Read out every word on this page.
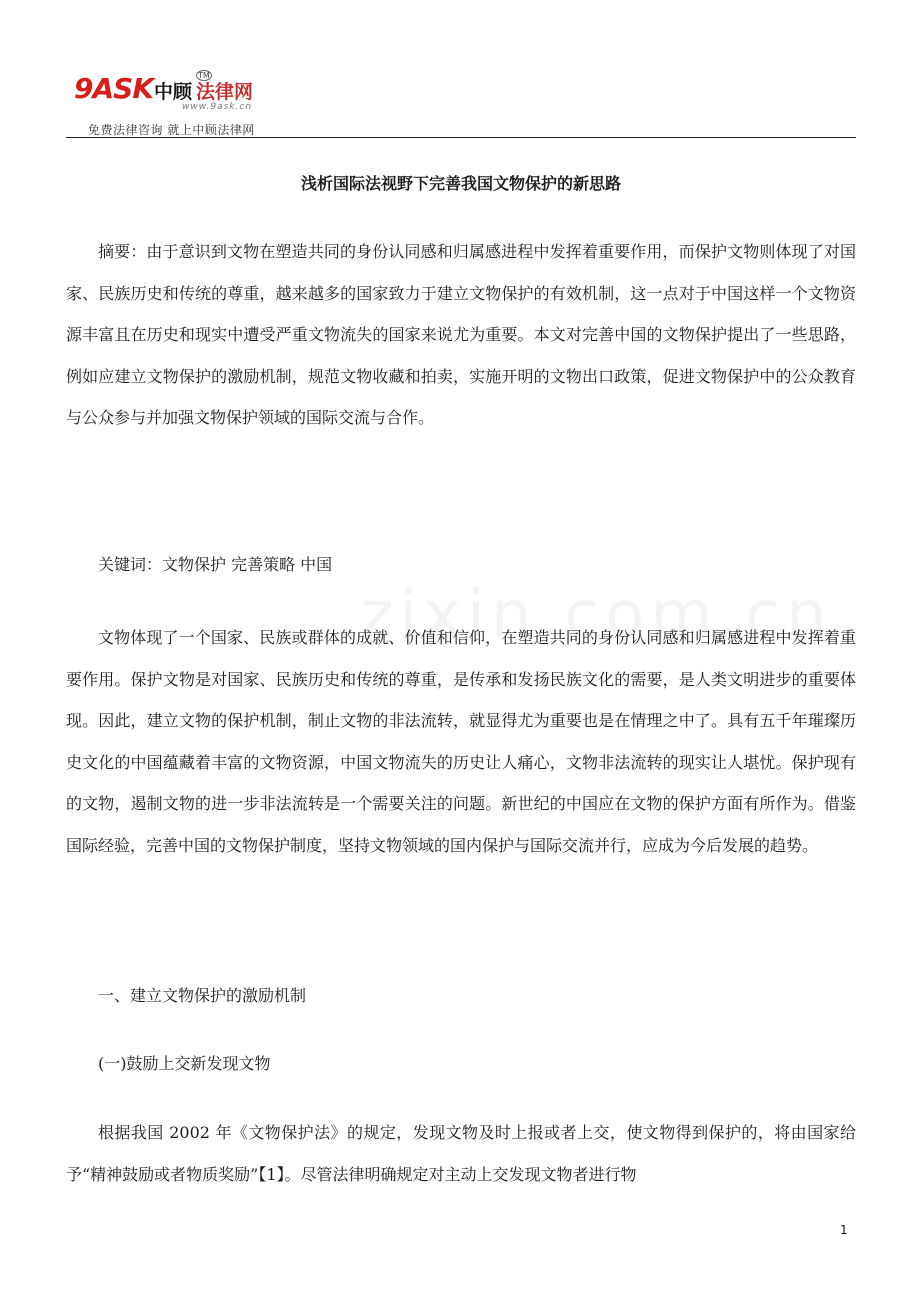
9ASK 中顾 法律网
TM
www.9ask.cn
免费法律咨询 就上中顾法律网
浅析国际法视野下完善我国文物保护的新思路

摘要：由于意识到文物在塑造共同的身份认同感和归属感进程中发挥着重要作用，而保护文物则体现了对国家、民族历史和传统的尊重，越来越多的国家致力于建立文物保护的有效机制，这一点对于中国这样一个文物资源丰富且在历史和现实中遭受严重文物流失的国家来说尤为重要。本文对完善中国的文物保护提出了一些思路，例如应建立文物保护的激励机制，规范文物收藏和拍卖，实施开明的文物出口政策，促进文物保护中的公众教育与公众参与并加强文物保护领域的国际交流与合作。

关键词：文物保护 完善策略 中国

文物体现了一个国家、民族或群体的成就、价值和信仰，在塑造共同的身份认同感和归属感进程中发挥着重要作用。保护文物是对国家、民族历史和传统的尊重，是传承和发扬民族文化的需要，是人类文明进步的重要体现。因此，建立文物的保护机制，制止文物的非法流转，就显得尤为重要也是在情理之中了。具有五千年璀璨历史文化的中国蕴藏着丰富的文物资源，中国文物流失的历史让人痛心，文物非法流转的现实让人堪忧。保护现有的文物，遏制文物的进一步非法流转是一个需要关注的问题。新世纪的中国应在文物的保护方面有所作为。借鉴国际经验，完善中国的文物保护制度，坚持文物领域的国内保护与国际交流并行，应成为今后发展的趋势。

一、建立文物保护的激励机制

(一)鼓励上交新发现文物

根据我国 2002 年《文物保护法》的规定，发现文物及时上报或者上交，使文物得到保护的，将由国家给予“精神鼓励或者物质奖励”【1】。尽管法律明确规定对主动上交发现文物者进行物

1
